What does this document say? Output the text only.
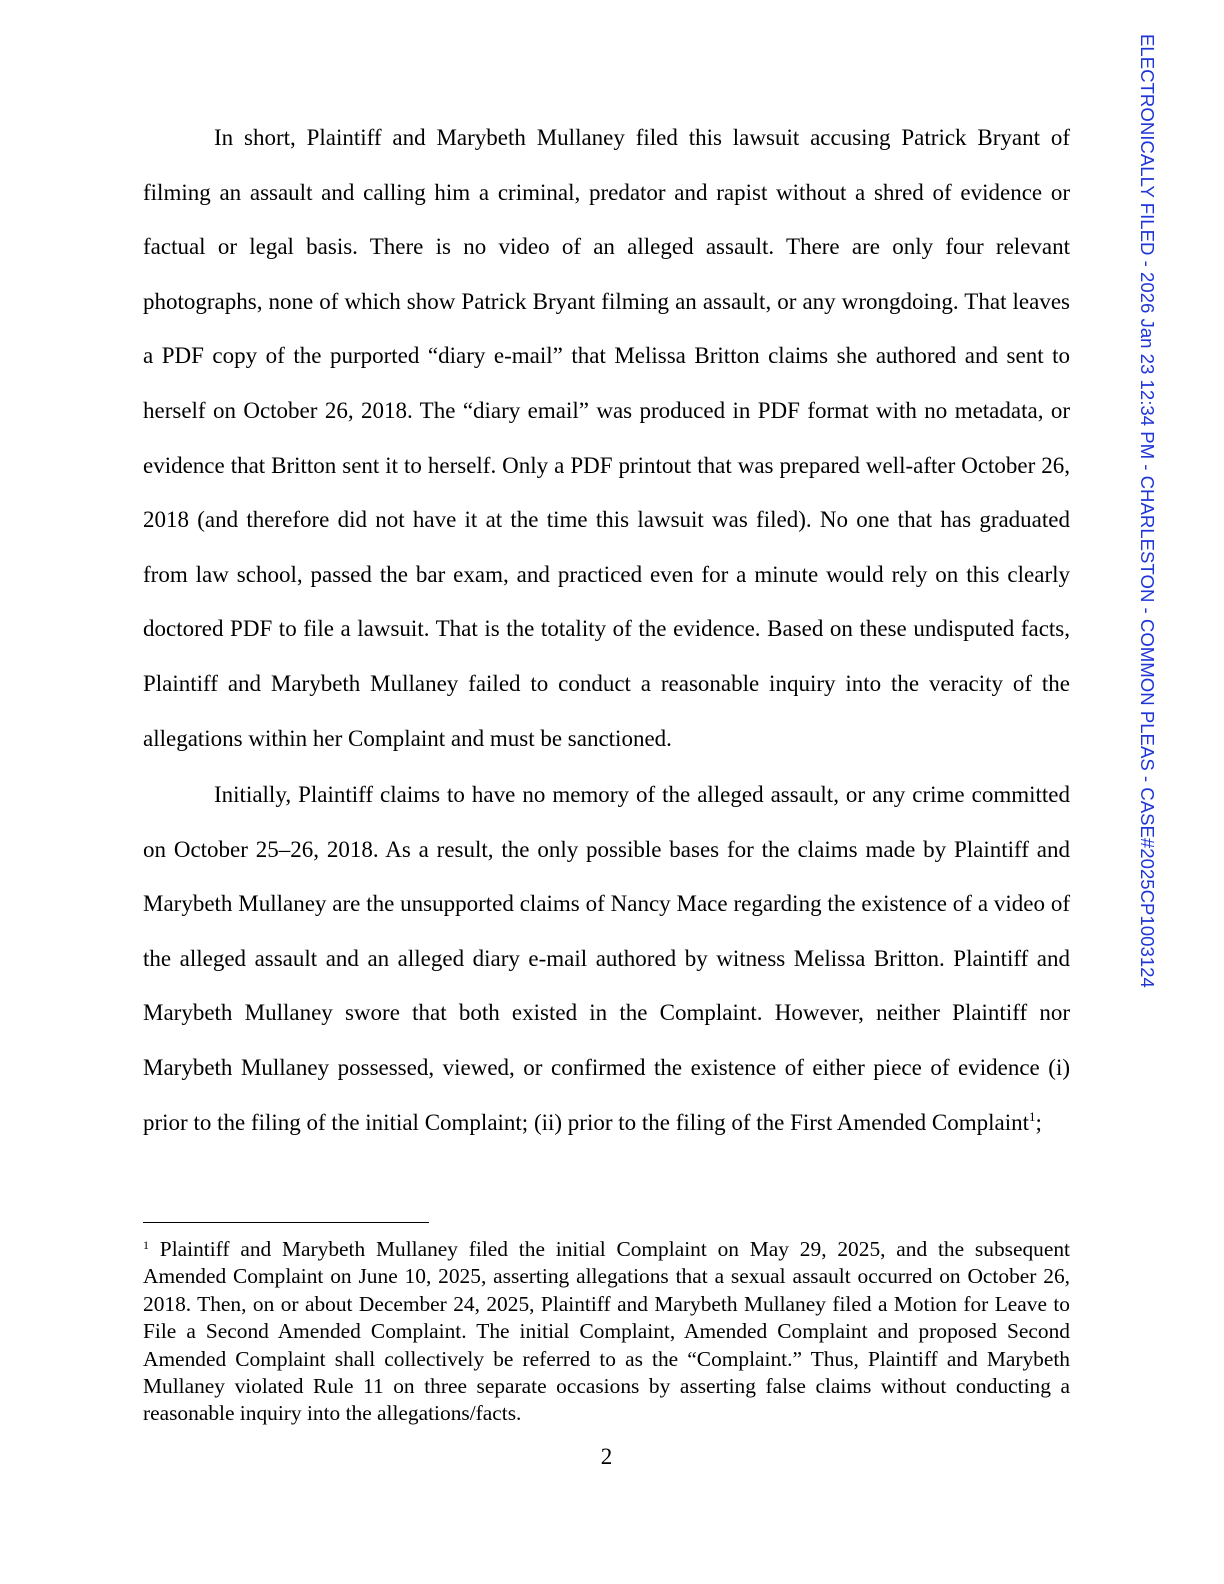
In short, Plaintiff and Marybeth Mullaney filed this lawsuit accusing Patrick Bryant of filming an assault and calling him a criminal, predator and rapist without a shred of evidence or factual or legal basis. There is no video of an alleged assault. There are only four relevant photographs, none of which show Patrick Bryant filming an assault, or any wrongdoing. That leaves a PDF copy of the purported “diary e-mail” that Melissa Britton claims she authored and sent to herself on October 26, 2018. The “diary email” was produced in PDF format with no metadata, or evidence that Britton sent it to herself. Only a PDF printout that was prepared well-after October 26, 2018 (and therefore did not have it at the time this lawsuit was filed). No one that has graduated from law school, passed the bar exam, and practiced even for a minute would rely on this clearly doctored PDF to file a lawsuit. That is the totality of the evidence. Based on these undisputed facts, Plaintiff and Marybeth Mullaney failed to conduct a reasonable inquiry into the veracity of the allegations within her Complaint and must be sanctioned.

Initially, Plaintiff claims to have no memory of the alleged assault, or any crime committed on October 25–26, 2018. As a result, the only possible bases for the claims made by Plaintiff and Marybeth Mullaney are the unsupported claims of Nancy Mace regarding the existence of a video of the alleged assault and an alleged diary e-mail authored by witness Melissa Britton. Plaintiff and Marybeth Mullaney swore that both existed in the Complaint. However, neither Plaintiff nor Marybeth Mullaney possessed, viewed, or confirmed the existence of either piece of evidence (i) prior to the filing of the initial Complaint; (ii) prior to the filing of the First Amended Complaint$^1$;

$^1$ Plaintiff and Marybeth Mullaney filed the initial Complaint on May 29, 2025, and the subsequent Amended Complaint on June 10, 2025, asserting allegations that a sexual assault occurred on October 26, 2018. Then, on or about December 24, 2025, Plaintiff and Marybeth Mullaney filed a Motion for Leave to File a Second Amended Complaint. The initial Complaint, Amended Complaint and proposed Second Amended Complaint shall collectively be referred to as the “Complaint.” Thus, Plaintiff and Marybeth Mullaney violated Rule 11 on three separate occasions by asserting false claims without conducting a reasonable inquiry into the allegations/facts.

2
ELECTRONICALLY FILED - 2026 Jan 23 12:34 PM - CHARLESTON - COMMON PLEAS - CASE#2025CP1003124
